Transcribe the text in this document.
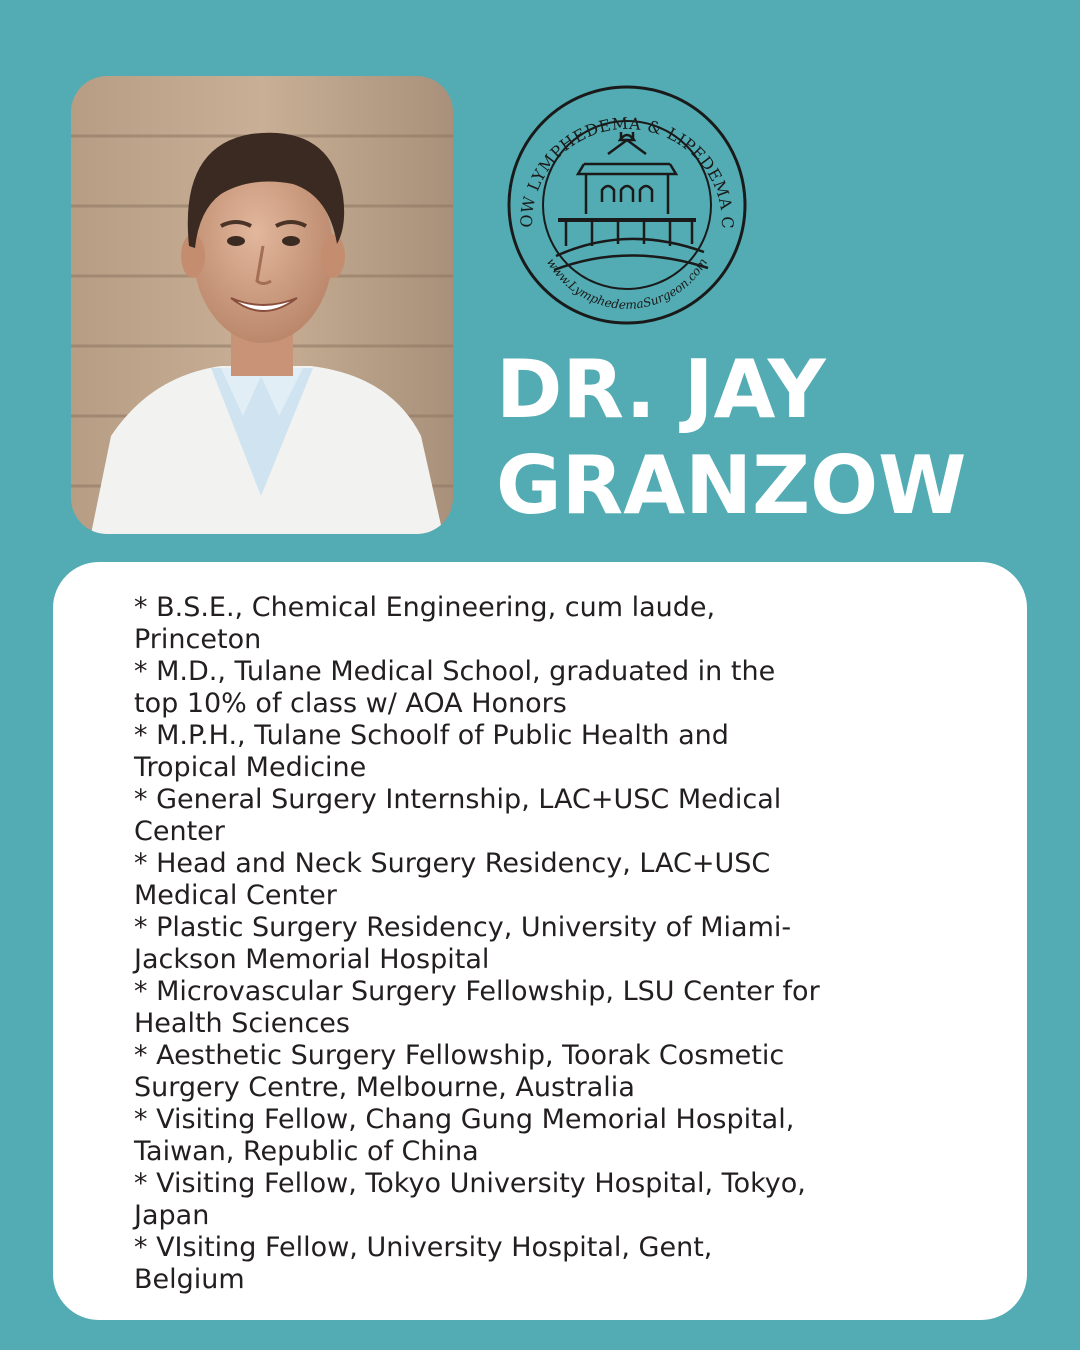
OW LYMPHEDEMA & LIPEDEMA C
www.LymphedemaSurgeon.com
DR. JAY
GRANZOW
* B.S.E., Chemical Engineering, cum laude,
Princeton
* M.D., Tulane Medical School, graduated in the
top 10% of class w/ AOA Honors
* M.P.H., Tulane Schoolf of Public Health and
Tropical Medicine
* General Surgery Internship, LAC+USC Medical
Center
* Head and Neck Surgery Residency, LAC+USC
Medical Center
* Plastic Surgery Residency, University of Miami-
Jackson Memorial Hospital
* Microvascular Surgery Fellowship, LSU Center for
Health Sciences
* Aesthetic Surgery Fellowship, Toorak Cosmetic
Surgery Centre, Melbourne, Australia
* Visiting Fellow, Chang Gung Memorial Hospital,
Taiwan, Republic of China
* Visiting Fellow, Tokyo University Hospital, Tokyo,
Japan
* VIsiting Fellow, University Hospital, Gent,
Belgium
